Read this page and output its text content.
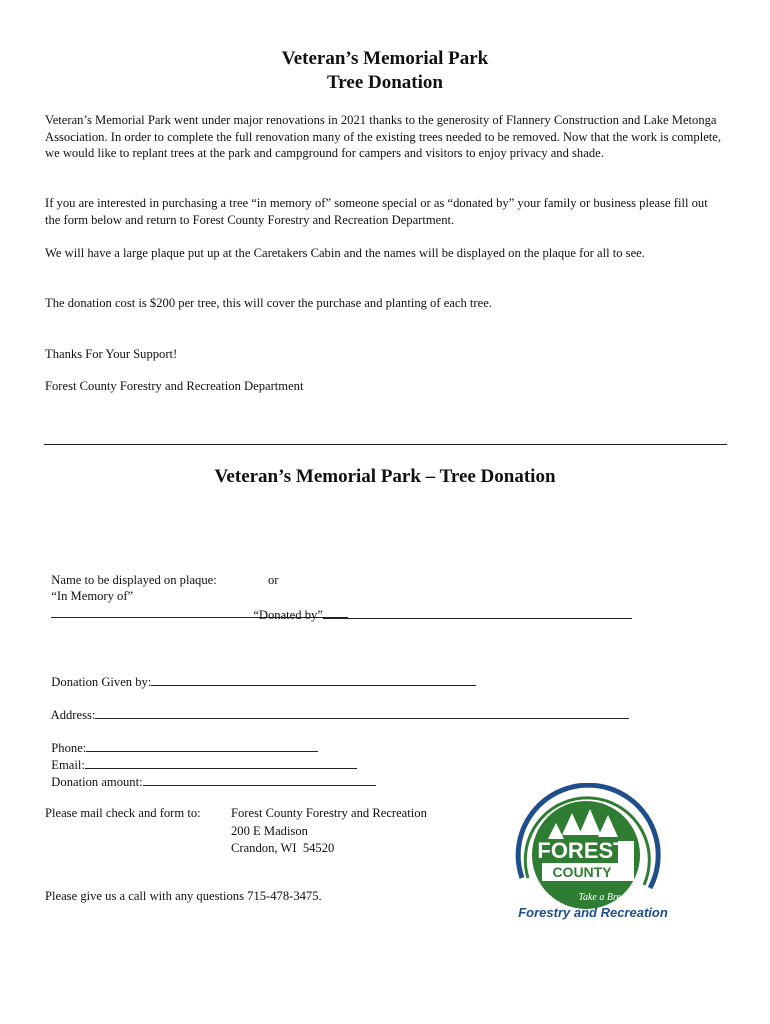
Veteran’s Memorial Park
Tree Donation
Veteran’s Memorial Park went under major renovations in 2021 thanks to the generosity of Flannery Construction and Lake Metonga Association. In order to complete the full renovation many of the existing trees needed to be removed. Now that the work is complete, we would like to replant trees at the park and campground for campers and visitors to enjoy privacy and shade.
If you are interested in purchasing a tree “in memory of” someone special or as “donated by” your family or business please fill out the form below and return to Forest County Forestry and Recreation Department.
We will have a large plaque put up at the Caretakers Cabin and the names will be displayed on the plaque for all to see.
The donation cost is $200 per tree, this will cover the purchase and planting of each tree.
Thanks For Your Support!
Forest County Forestry and Recreation Department
Veteran’s Memorial Park – Tree Donation

Name to be displayed on plaque:
“In Memory of”

or

“Donated by”

Donation Given by:

Address:

Phone:
Email:

Donation amount:

Please mail check and form to: Forest County Forestry and Recreation
200 E Madison
Crandon, WI  54520
Please give us a call with any questions 715-478-3475.
FOREST
COUNTY
Take a Breath
Forestry and Recreation
